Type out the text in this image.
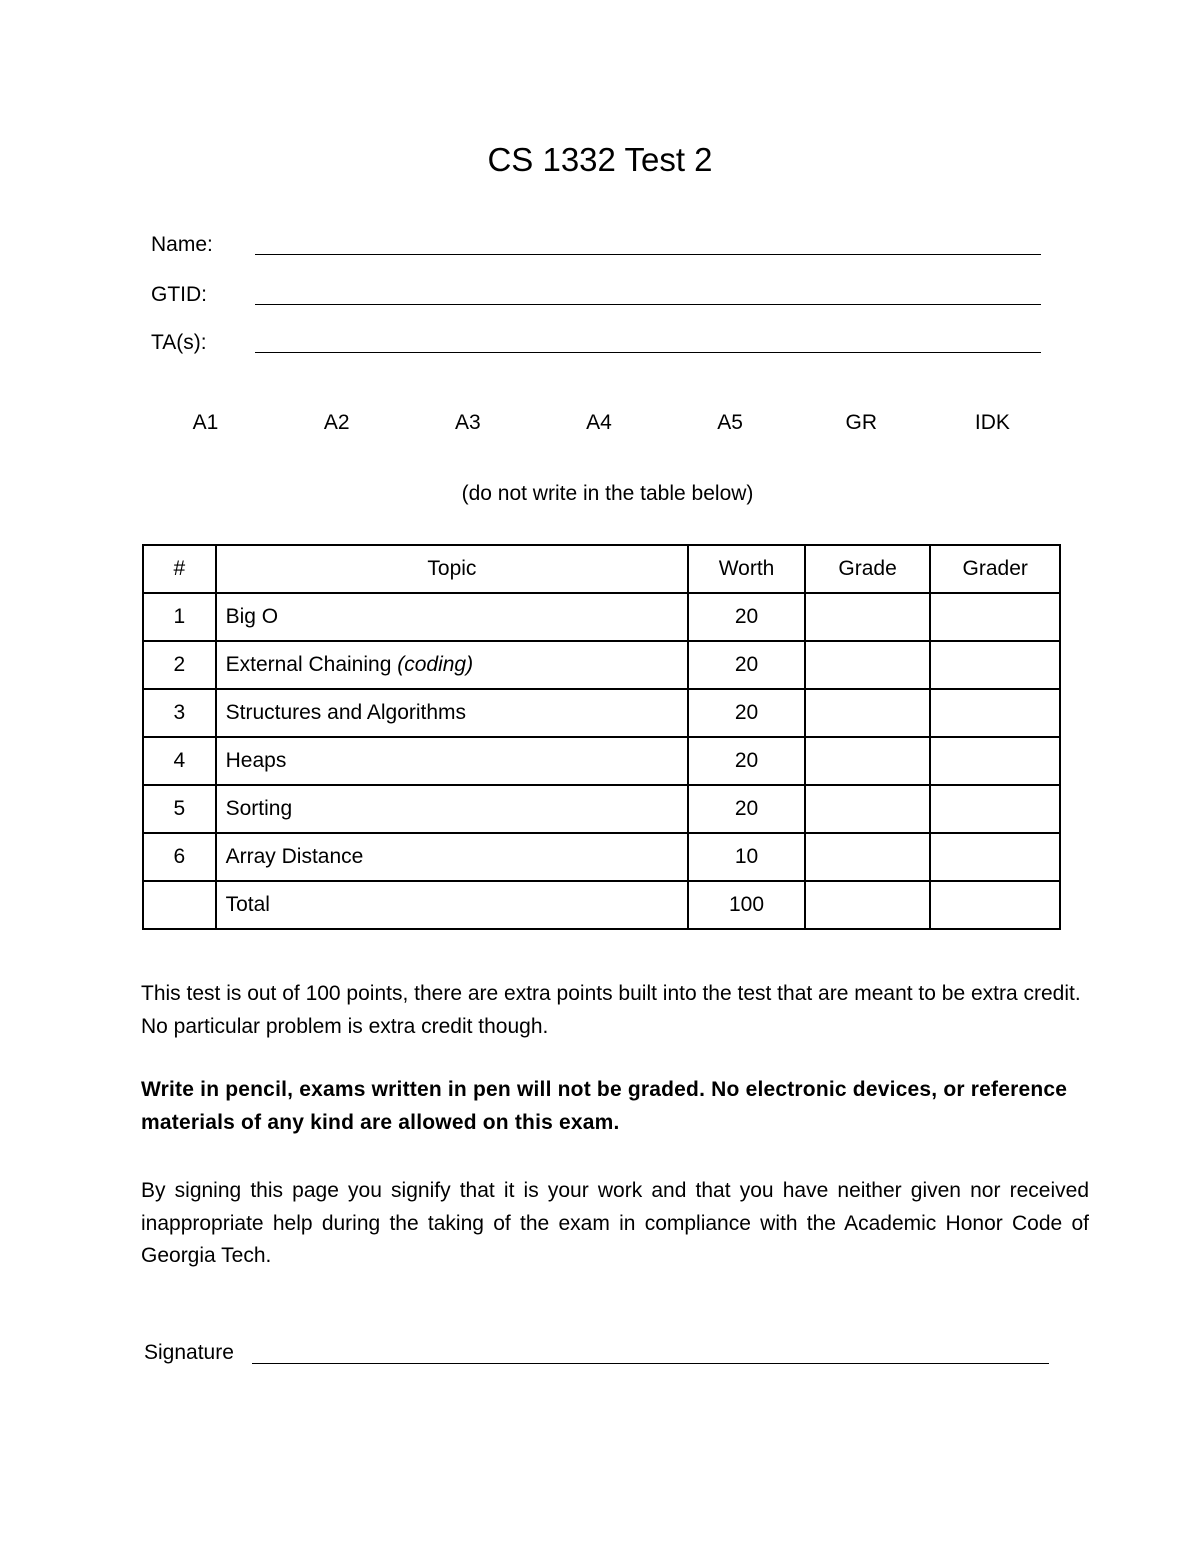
CS 1332 Test 2
Name:
GTID:
TA(s):
A1	A2	A3	A4	A5	GR	IDK
(do not write in the table below)
#	Topic	Worth	Grade	Grader
1	Big O	20		
2	External Chaining (coding)	20		
3	Structures and Algorithms	20		
4	Heaps	20		
5	Sorting	20		
6	Array Distance	10		
	Total	100		

This test is out of 100 points, there are extra points built into the test that are meant to be extra credit. No particular problem is extra credit though.

Write in pencil, exams written in pen will not be graded. No electronic devices, or reference materials of any kind are allowed on this exam.

By signing this page you signify that it is your work and that you have neither given nor received inappropriate help during the taking of the exam in compliance with the Academic Honor Code of Georgia Tech.

Signature
